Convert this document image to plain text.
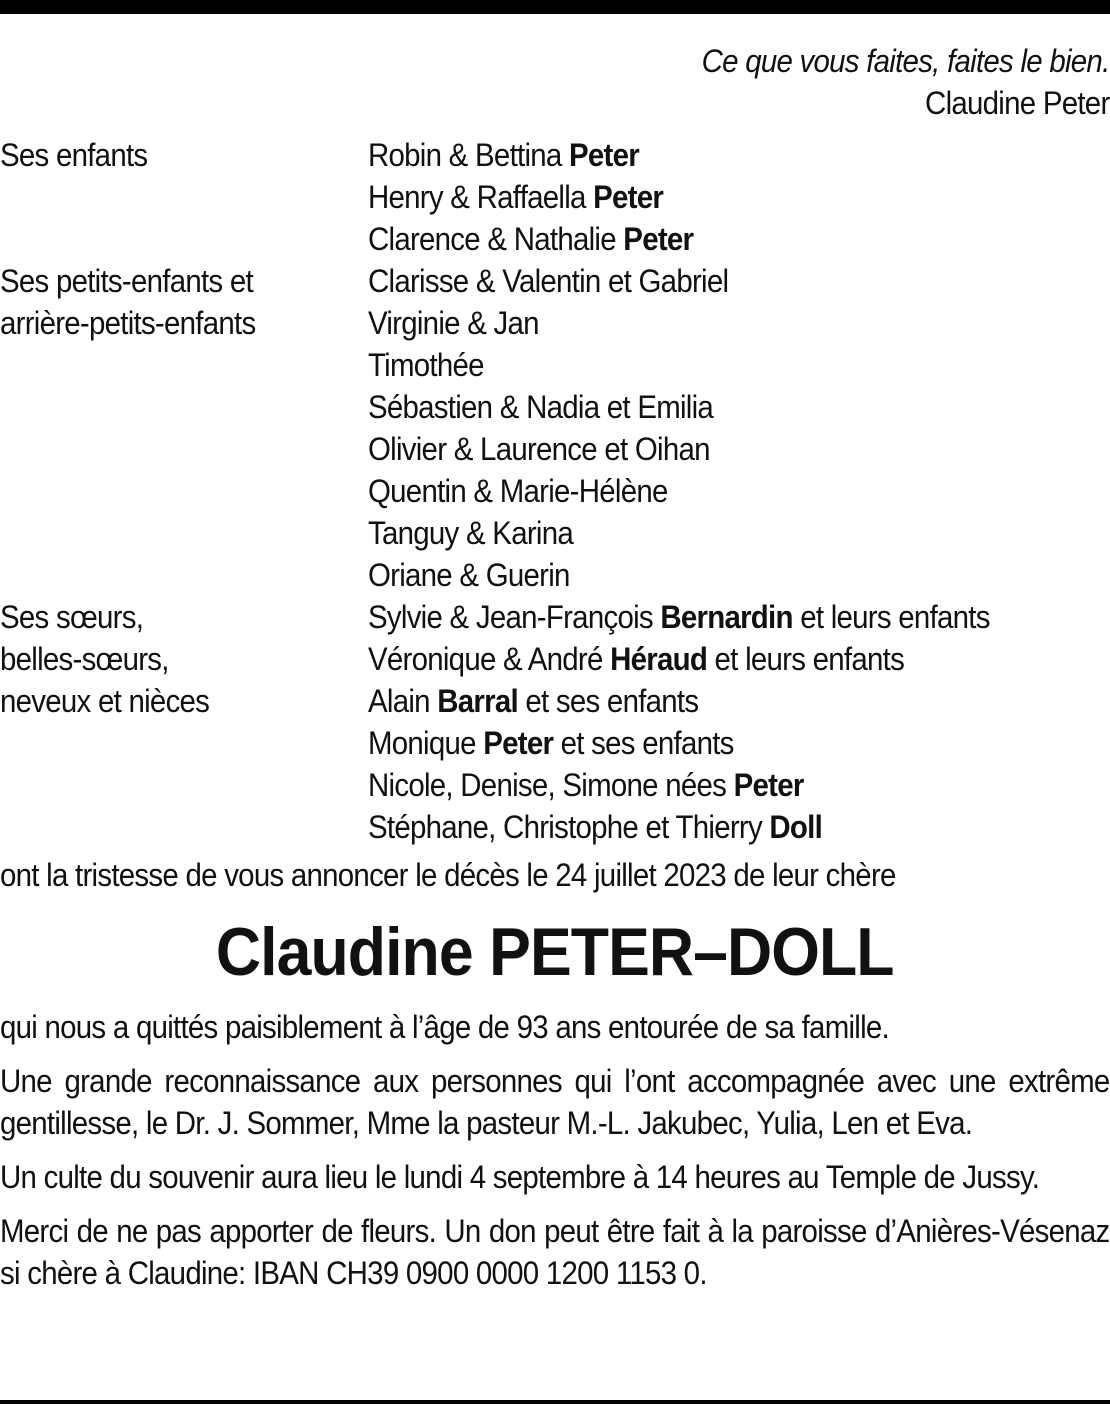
Ce que vous faites, faites le bien.
Claudine Peter
Ses enfants	Robin & Bettina Peter
Henry & Raffaella Peter
Clarence & Nathalie Peter
Ses petits-enfants et
arrière-petits-enfants
Clarisse & Valentin et Gabriel
Virginie & Jan
Timothée
Sébastien & Nadia et Emilia
Olivier & Laurence et Oihan
Quentin & Marie-Hélène
Tanguy & Karina
Oriane & Guerin
Ses sœurs,
belles-sœurs,
neveux et nièces
Sylvie & Jean-François Bernardin et leurs enfants
Véronique & André Héraud et leurs enfants
Alain Barral et ses enfants
Monique Peter et ses enfants
Nicole, Denise, Simone nées Peter
Stéphane, Christophe et Thierry Doll
ont la tristesse de vous annoncer le décès le 24 juillet 2023 de leur chère
Claudine PETER–DOLL
qui nous a quittés paisiblement à l’âge de 93 ans entourée de sa famille.
Une grande reconnaissance aux personnes qui l’ont accompagnée avec une extrême gentillesse, le Dr. J. Sommer, Mme la pasteur M.-L. Jakubec, Yulia, Len et Eva.
Un culte du souvenir aura lieu le lundi 4 septembre à 14 heures au Temple de Jussy.
Merci de ne pas apporter de fleurs. Un don peut être fait à la paroisse d’Anières-Vésenaz si chère à Claudine: IBAN CH39 0900 0000 1200 1153 0.
